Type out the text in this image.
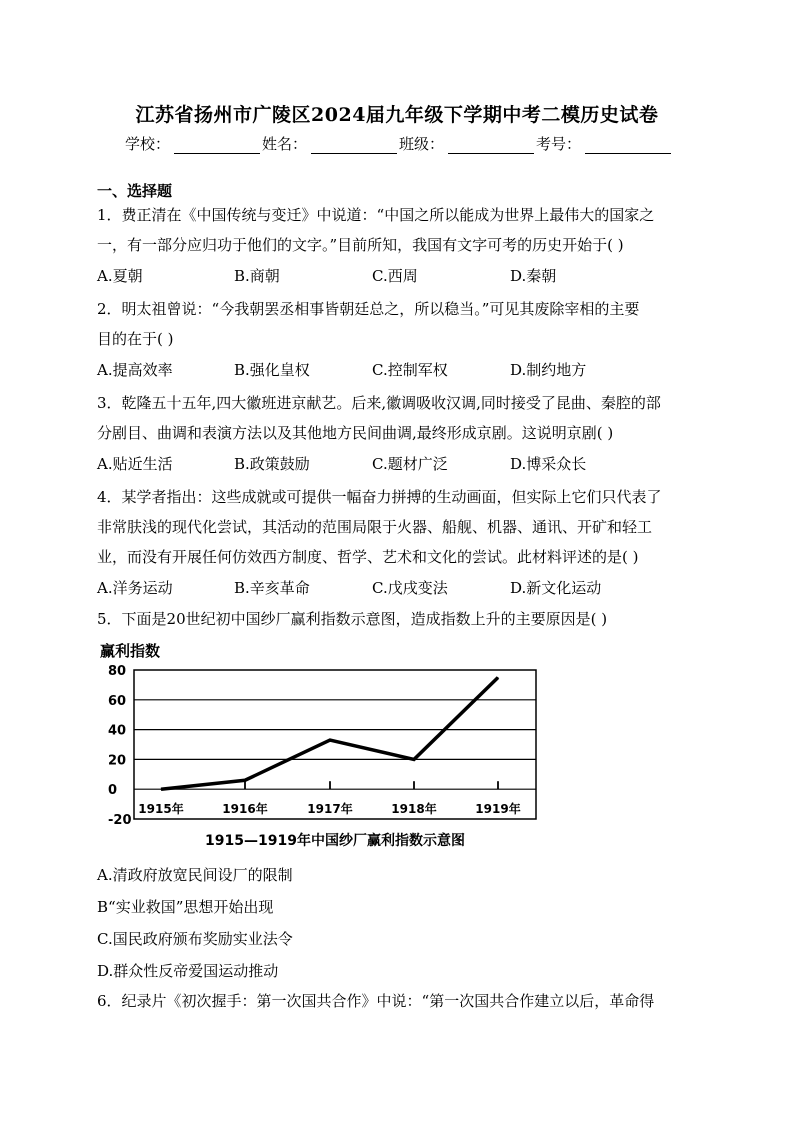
江苏省扬州市广陵区2024届九年级下学期中考二模历史试卷
学校：	姓名：	班级：	考号：
一、选择题

1．费正清在《中国传统与变迁》中说道：“中国之所以能成为世界上最伟大的国家之

一，有一部分应归功于他们的文字。”目前所知，我国有文字可考的历史开始于( )

A.夏朝	B.商朝	C.西周	D.秦朝

2．明太祖曾说：“今我朝罢丞相事皆朝廷总之，所以稳当。”可见其废除宰相的主要

目的在于( )

A.提高效率	B.强化皇权	C.控制军权	D.制约地方

3．乾隆五十五年,四大徽班进京献艺。后来,徽调吸收汉调,同时接受了昆曲、秦腔的部

分剧目、曲调和表演方法以及其他地方民间曲调,最终形成京剧。这说明京剧( )

A.贴近生活	B.政策鼓励	C.题材广泛	D.博采众长

4．某学者指出：这些成就或可提供一幅奋力拼搏的生动画面，但实际上它们只代表了

非常肤浅的现代化尝试，其活动的范围局限于火器、船舰、机器、通讯、开矿和轻工

业，而没有开展任何仿效西方制度、哲学、艺术和文化的尝试。此材料评述的是( )

A.洋务运动	B.辛亥革命	C.戊戌变法	D.新文化运动

5．下面是20世纪初中国纱厂赢利指数示意图，造成指数上升的主要原因是( )

赢利指数
80
60
40
20
0
-20
1915年	1916年	1917年	1918年	1919年
1915—1919年中国纱厂赢利指数示意图
A.清政府放宽民间设厂的限制
B“实业救国”思想开始出现
C.国民政府颁布奖励实业法令
D.群众性反帝爱国运动推动

6．纪录片《初次握手：第一次国共合作》中说：“第一次国共合作建立以后，革命得
